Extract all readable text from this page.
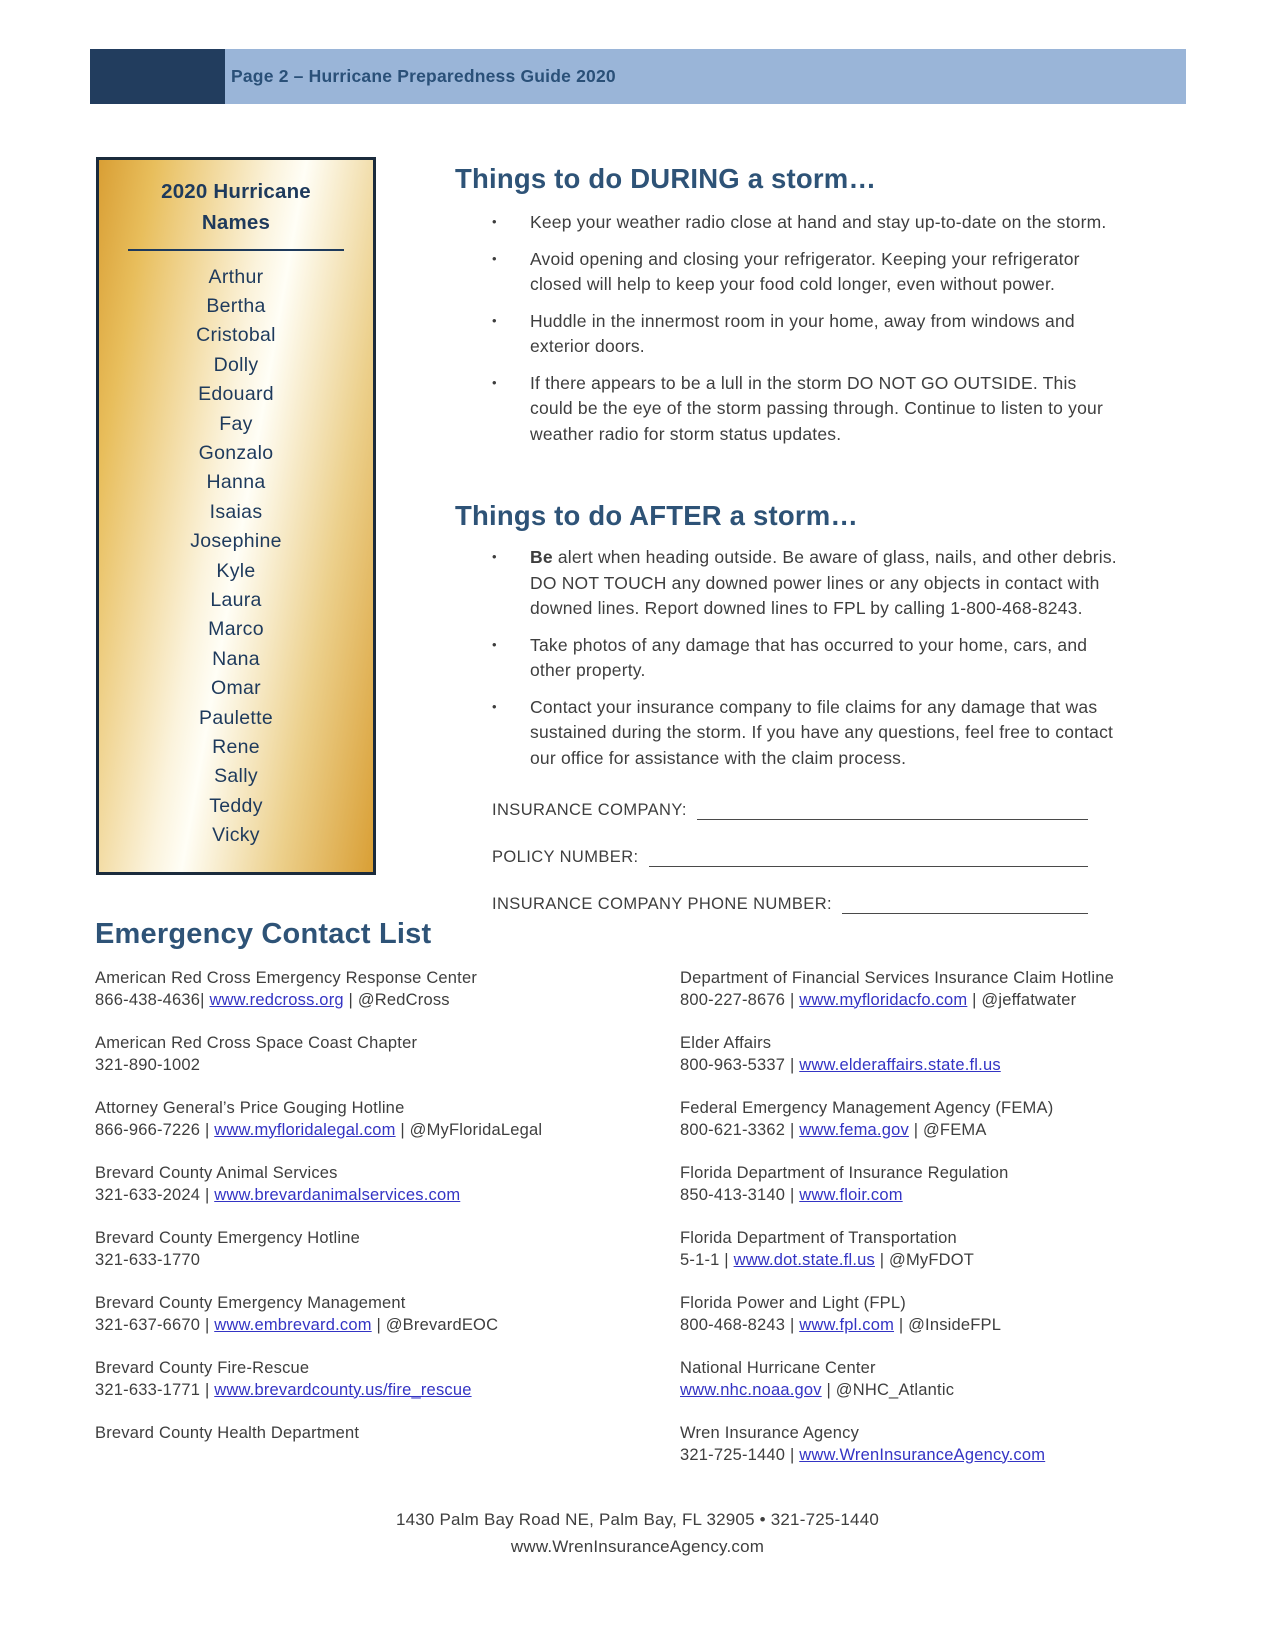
Page 2 – Hurricane Preparedness Guide 2020
2020 Hurricane Names
Arthur
Bertha
Cristobal
Dolly
Edouard
Fay
Gonzalo
Hanna
Isaias
Josephine
Kyle
Laura
Marco
Nana
Omar
Paulette
Rene
Sally
Teddy
Vicky
Things to do DURING a storm…
•	Keep your weather radio close at hand and stay up-to-date on the storm.
•	Avoid opening and closing your refrigerator. Keeping your refrigerator closed will help to keep your food cold longer, even without power.
•	Huddle in the innermost room in your home, away from windows and exterior doors.
•	If there appears to be a lull in the storm DO NOT GO OUTSIDE. This could be the eye of the storm passing through. Continue to listen to your weather radio for storm status updates.
Things to do AFTER a storm…
•	Be alert when heading outside. Be aware of glass, nails, and other debris. DO NOT TOUCH any downed power lines or any objects in contact with downed lines. Report downed lines to FPL by calling 1-800-468-8243.
•	Take photos of any damage that has occurred to your home, cars, and other property.
•	Contact your insurance company to file claims for any damage that was sustained during the storm. If you have any questions, feel free to contact our office for assistance with the claim process.
INSURANCE COMPANY:
POLICY NUMBER:
INSURANCE COMPANY PHONE NUMBER:
Emergency Contact List
American Red Cross Emergency Response Center
866-438-4636| www.redcross.org | @RedCross
American Red Cross Space Coast Chapter
321-890-1002
Attorney General’s Price Gouging Hotline
866-966-7226 | www.myfloridalegal.com | @MyFloridaLegal
Brevard County Animal Services
321-633-2024 | www.brevardanimalservices.com
Brevard County Emergency Hotline
321-633-1770
Brevard County Emergency Management
321-637-6670 | www.embrevard.com | @BrevardEOC
Brevard County Fire-Rescue
321-633-1771 | www.brevardcounty.us/fire_rescue
Brevard County Health Department
Department of Financial Services Insurance Claim Hotline
800-227-8676 | www.myfloridacfo.com | @jeffatwater
Elder Affairs
800-963-5337 | www.elderaffairs.state.fl.us
Federal Emergency Management Agency (FEMA)
800-621-3362 | www.fema.gov | @FEMA
Florida Department of Insurance Regulation
850-413-3140 | www.floir.com
Florida Department of Transportation
5-1-1 | www.dot.state.fl.us | @MyFDOT
Florida Power and Light (FPL)
800-468-8243 | www.fpl.com | @InsideFPL
National Hurricane Center
www.nhc.noaa.gov | @NHC_Atlantic
Wren Insurance Agency
321-725-1440 | www.WrenInsuranceAgency.com
1430 Palm Bay Road NE, Palm Bay, FL 32905 • 321-725-1440
www.WrenInsuranceAgency.com
